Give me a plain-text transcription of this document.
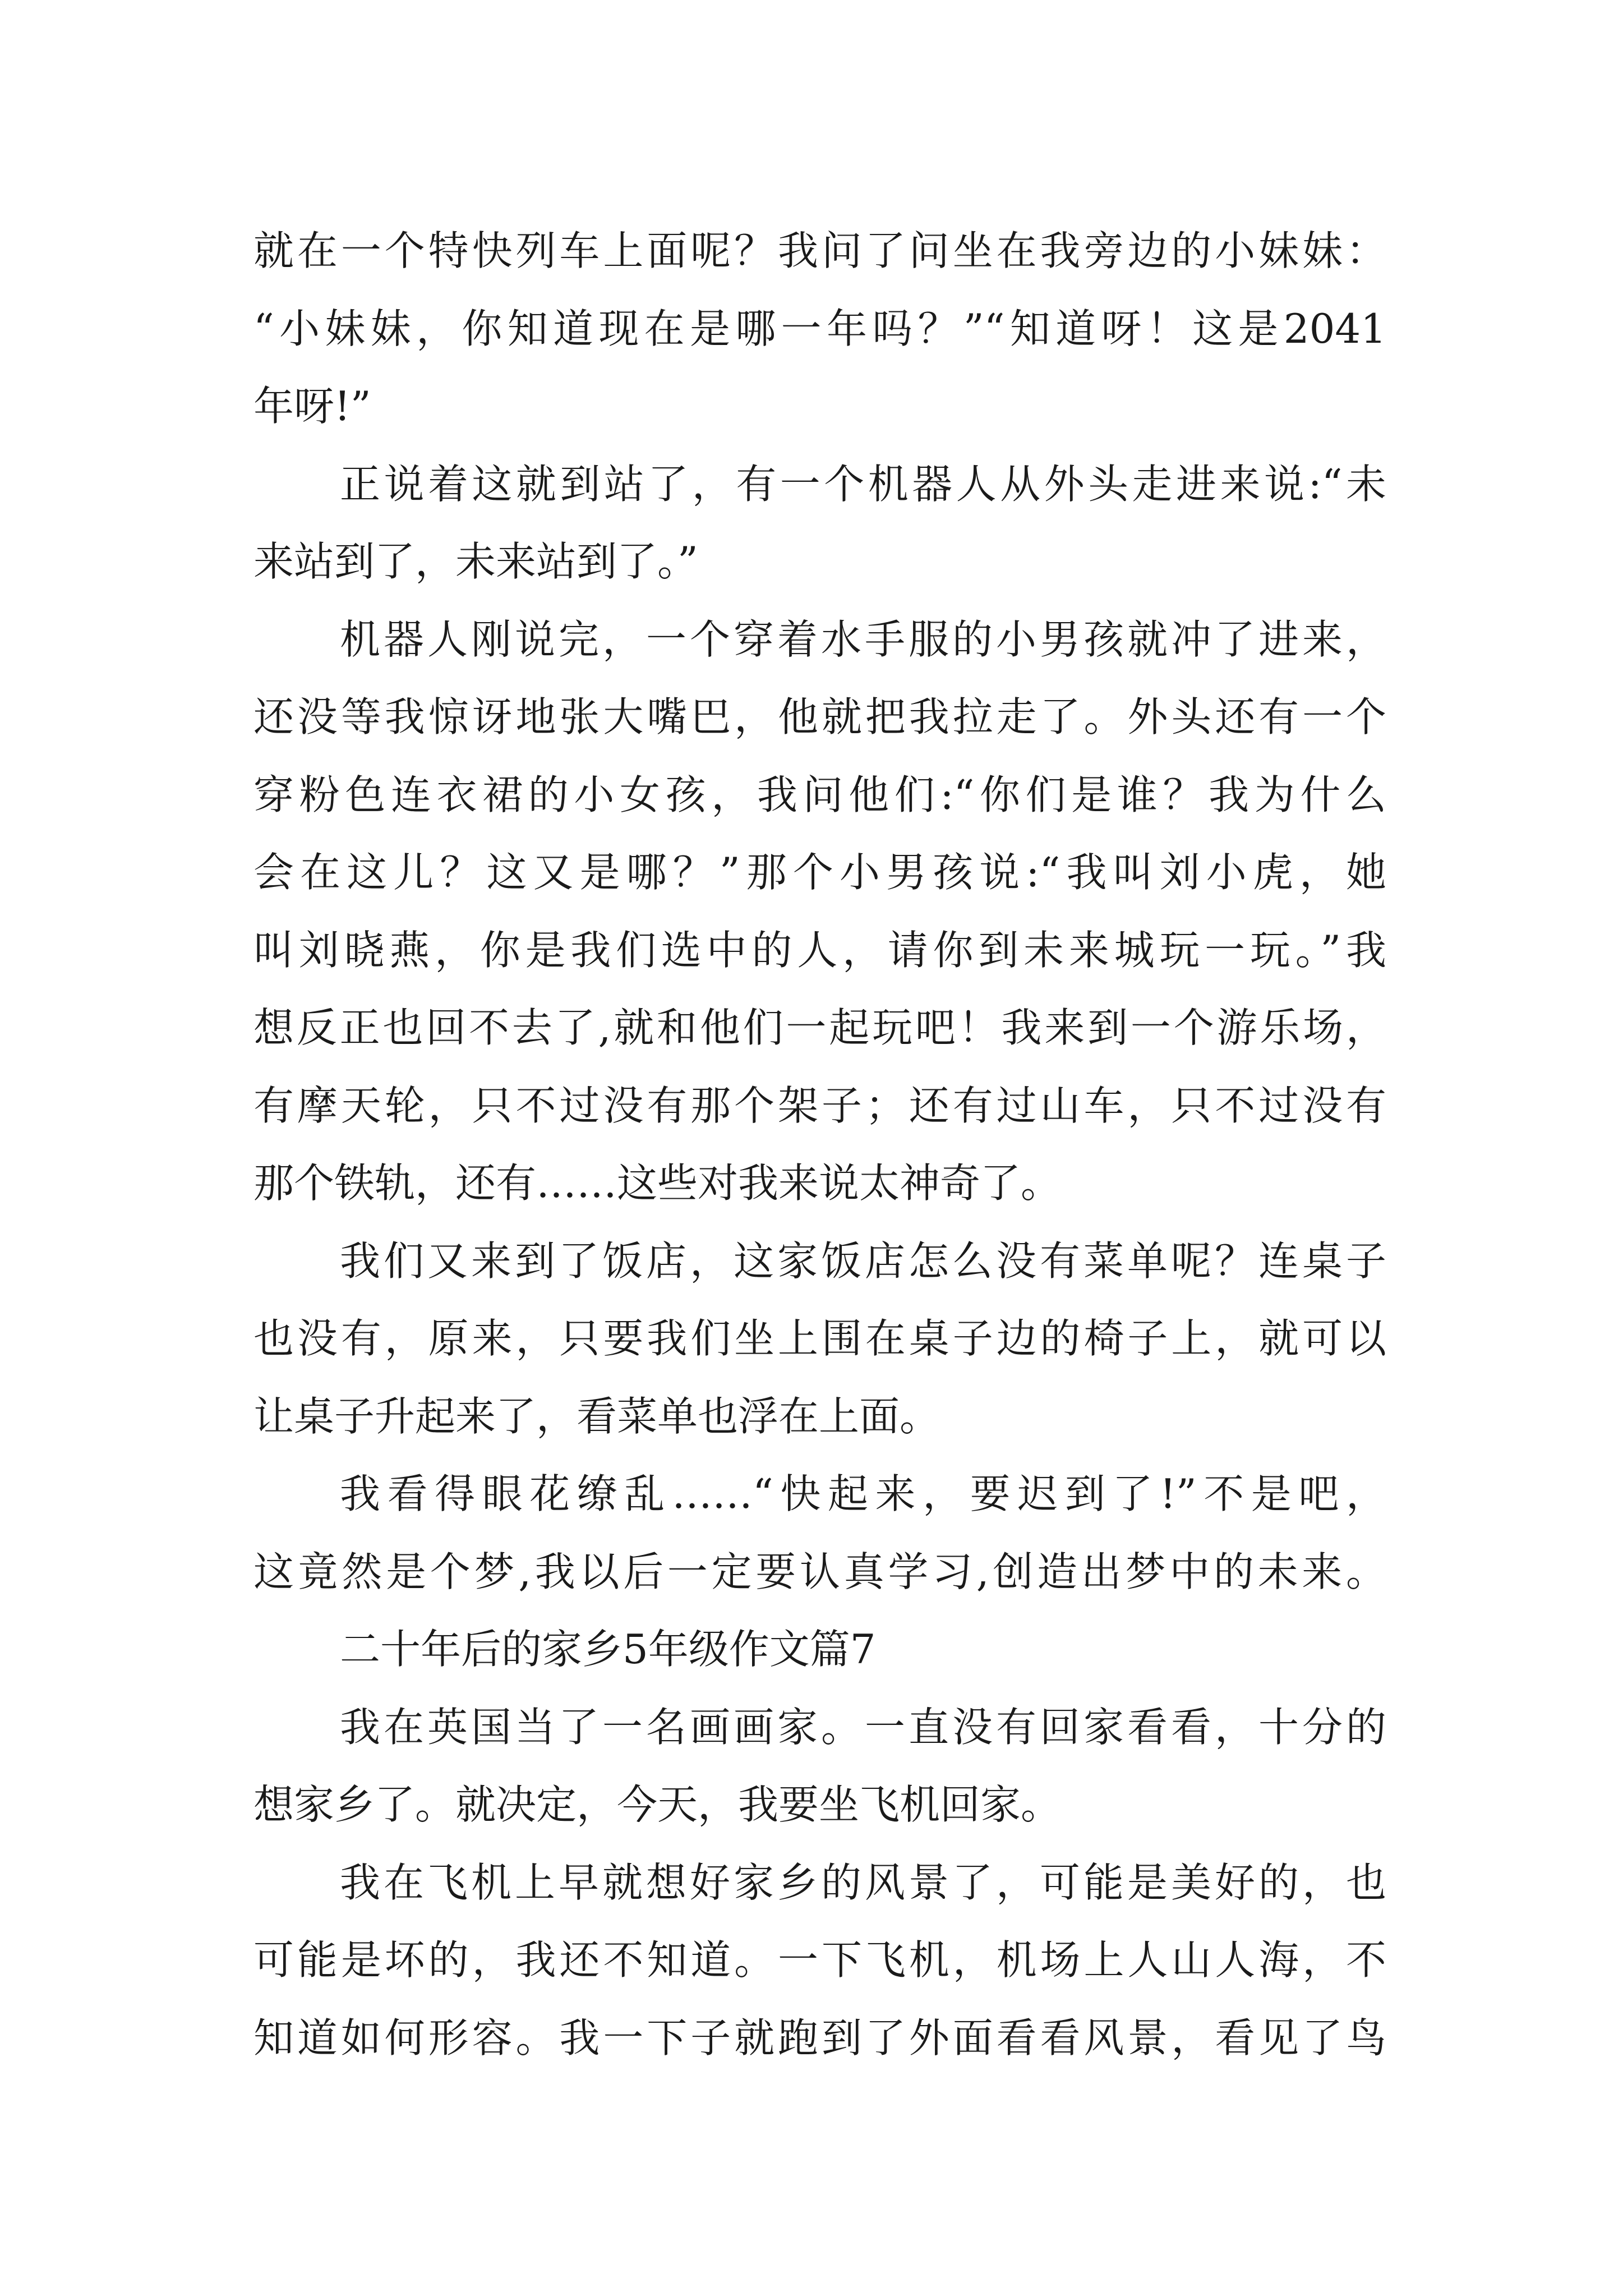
就在一个特快列车上面呢？我问了问坐在我旁边的小妹妹：
“小妹妹，你知道现在是哪一年吗？”“知道呀！这是2041
年呀!”
正说着这就到站了，有一个机器人从外头走进来说:“未
来站到了，未来站到了。”
机器人刚说完，一个穿着水手服的小男孩就冲了进来，
还没等我惊讶地张大嘴巴，他就把我拉走了。外头还有一个
穿粉色连衣裙的小女孩，我问他们:“你们是谁？我为什么
会在这儿？这又是哪？”那个小男孩说:“我叫刘小虎，她
叫刘晓燕，你是我们选中的人，请你到未来城玩一玩。”我
想反正也回不去了,就和他们一起玩吧！我来到一个游乐场，
有摩天轮，只不过没有那个架子；还有过山车，只不过没有
那个铁轨，还有……这些对我来说太神奇了。
我们又来到了饭店，这家饭店怎么没有菜单呢？连桌子
也没有，原来，只要我们坐上围在桌子边的椅子上，就可以
让桌子升起来了，看菜单也浮在上面。
我看得眼花缭乱……“快起来，要迟到了!”不是吧，
这竟然是个梦,我以后一定要认真学习,创造出梦中的未来。
二十年后的家乡5年级作文篇7
我在英国当了一名画画家。一直没有回家看看，十分的
想家乡了。就决定，今天，我要坐飞机回家。
我在飞机上早就想好家乡的风景了，可能是美好的，也
可能是坏的，我还不知道。一下飞机，机场上人山人海，不
知道如何形容。我一下子就跑到了外面看看风景，看见了鸟
